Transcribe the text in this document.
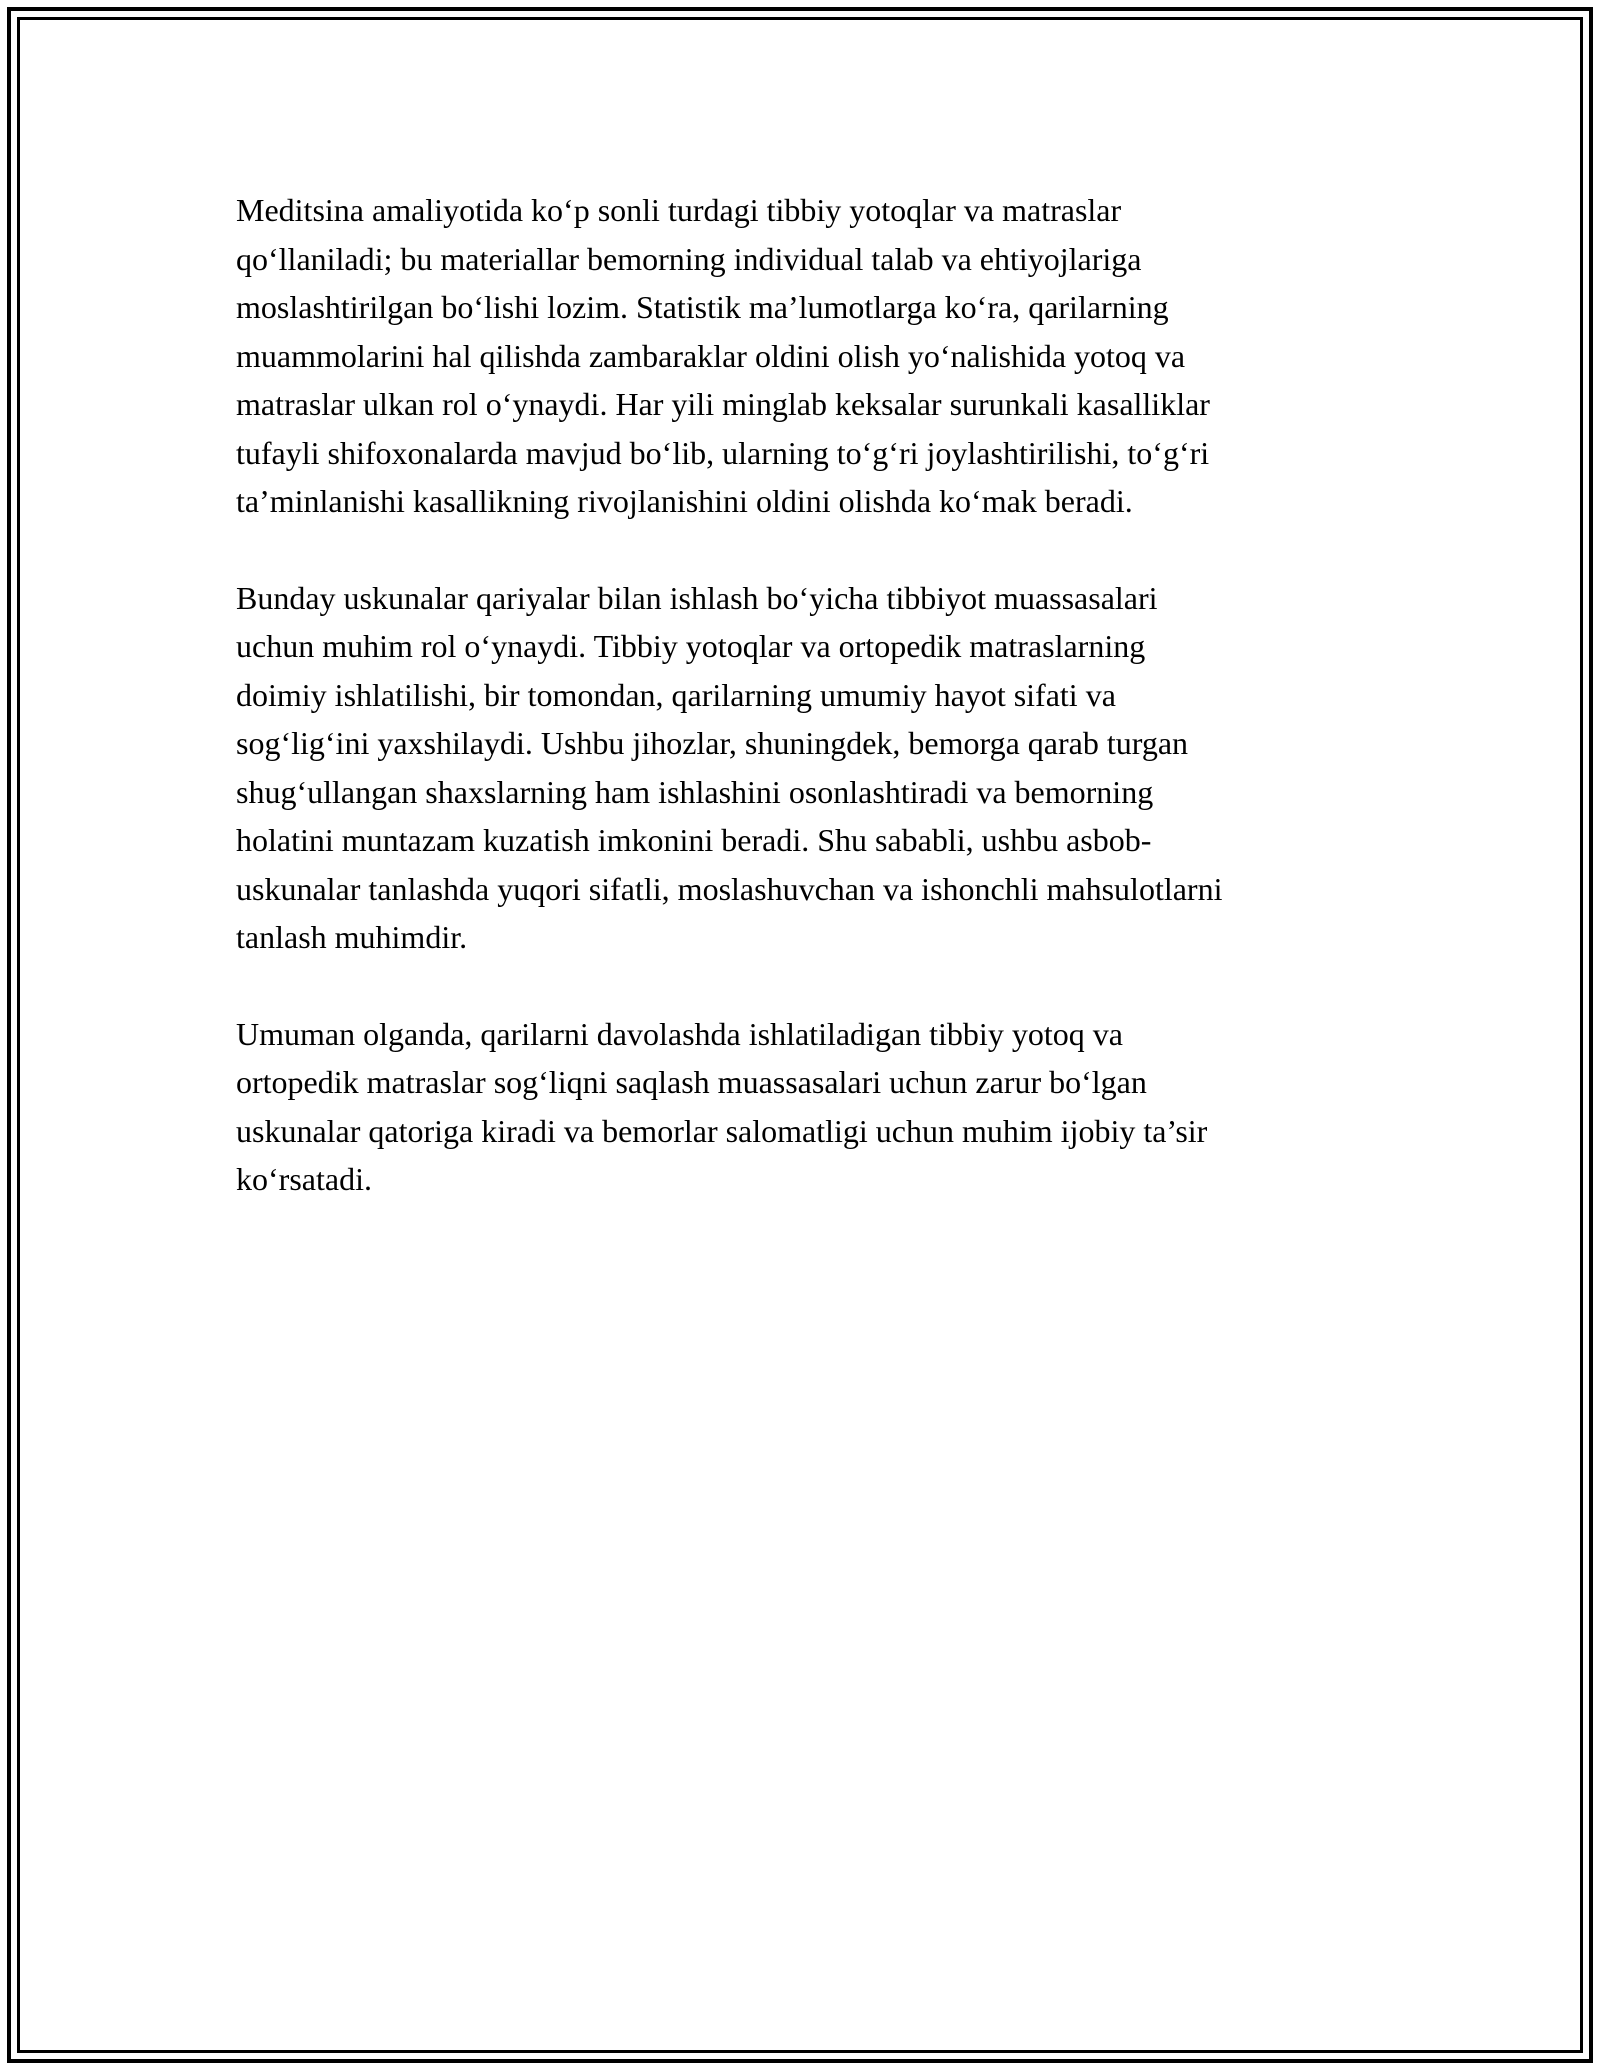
Meditsina amaliyotida ko‘p sonli turdagi tibbiy yotoqlar va matraslar
qo‘llaniladi; bu materiallar bemorning individual talab va ehtiyojlariga
moslashtirilgan bo‘lishi lozim. Statistik ma’lumotlarga ko‘ra, qarilarning
muammolarini hal qilishda zambaraklar oldini olish yo‘nalishida yotoq va
matraslar ulkan rol o‘ynaydi. Har yili minglab keksalar surunkali kasalliklar
tufayli shifoxonalarda mavjud bo‘lib, ularning to‘g‘ri joylashtirilishi, to‘g‘ri
ta’minlanishi kasallikning rivojlanishini oldini olishda ko‘mak beradi.

Bunday uskunalar qariyalar bilan ishlash bo‘yicha tibbiyot muassasalari
uchun muhim rol o‘ynaydi. Tibbiy yotoqlar va ortopedik matraslarning
doimiy ishlatilishi, bir tomondan, qarilarning umumiy hayot sifati va
sog‘lig‘ini yaxshilaydi. Ushbu jihozlar, shuningdek, bemorga qarab turgan
shug‘ullangan shaxslarning ham ishlashini osonlashtiradi va bemorning
holatini muntazam kuzatish imkonini beradi. Shu sababli, ushbu asbob-
uskunalar tanlashda yuqori sifatli, moslashuvchan va ishonchli mahsulotlarni
tanlash muhimdir.

Umuman olganda, qarilarni davolashda ishlatiladigan tibbiy yotoq va
ortopedik matraslar sog‘liqni saqlash muassasalari uchun zarur bo‘lgan
uskunalar qatoriga kiradi va bemorlar salomatligi uchun muhim ijobiy ta’sir
ko‘rsatadi.
